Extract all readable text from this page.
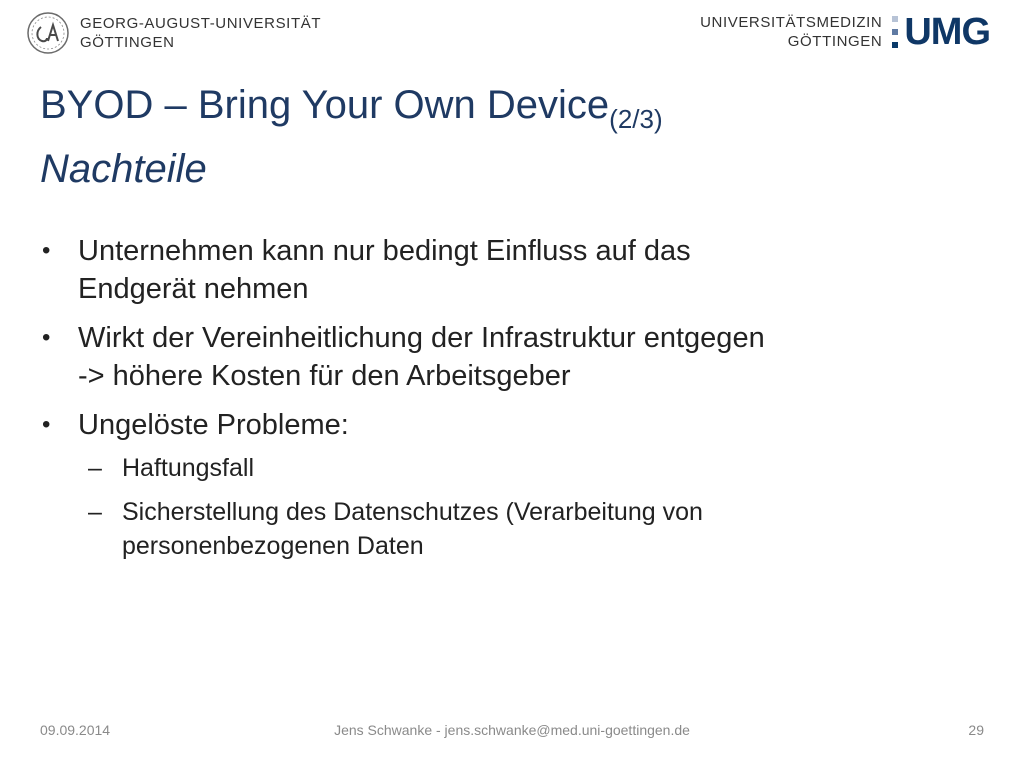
GEORG-AUGUST-UNIVERSITÄT
GÖTTINGEN
UNIVERSITÄTSMEDIZIN
GÖTTINGEN UMG
BYOD – Bring Your Own Device$_{(2/3)}$
Nachteile
• Unternehmen kann nur bedingt Einfluss auf das
Endgerät nehmen
• Wirkt der Vereinheitlichung der Infrastruktur entgegen
-> höhere Kosten für den Arbeitsgeber
• Ungelöste Probleme:
– Haftungsfall
– Sicherstellung des Datenschutzes (Verarbeitung von
personenbezogenen Daten
09.09.2014	Jens Schwanke - jens.schwanke@med.uni-goettingen.de	29
